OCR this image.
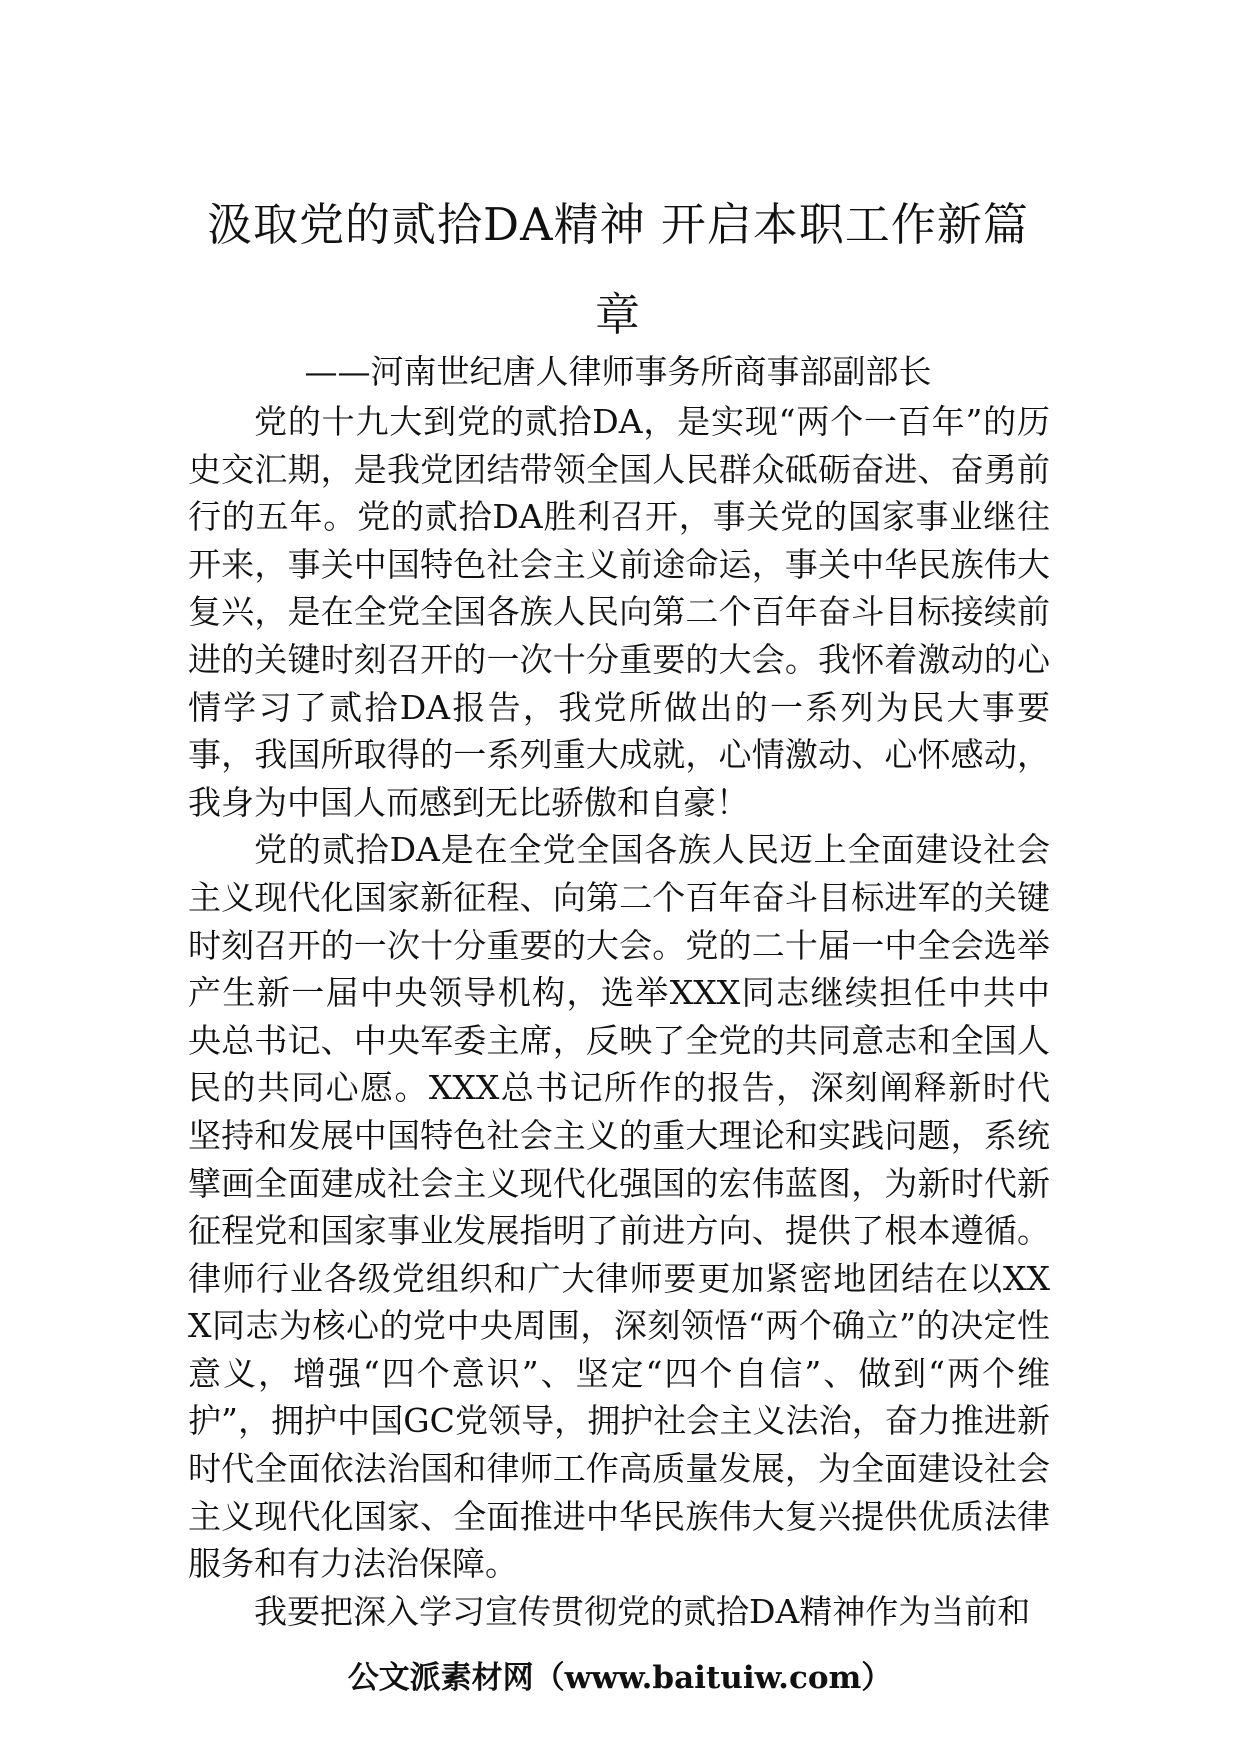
汲取党的贰拾DA精神 开启本职工作新篇章

——河南世纪唐人律师事务所商事部副部长

党的十九大到党的贰拾DA，是实现“两个一百年”的历史交汇期，是我党团结带领全国人民群众砥砺奋进、奋勇前行的五年。党的贰拾DA胜利召开，事关党的国家事业继往开来，事关中国特色社会主义前途命运，事关中华民族伟大复兴，是在全党全国各族人民向第二个百年奋斗目标接续前进的关键时刻召开的一次十分重要的大会。我怀着激动的心情学习了贰拾DA报告，我党所做出的一系列为民大事要事，我国所取得的一系列重大成就，心情激动、心怀感动，我身为中国人而感到无比骄傲和自豪！

党的贰拾DA是在全党全国各族人民迈上全面建设社会主义现代化国家新征程、向第二个百年奋斗目标进军的关键时刻召开的一次十分重要的大会。党的二十届一中全会选举产生新一届中央领导机构，选举XXX同志继续担任中共中央总书记、中央军委主席，反映了全党的共同意志和全国人民的共同心愿。XXX总书记所作的报告，深刻阐释新时代坚持和发展中国特色社会主义的重大理论和实践问题，系统擘画全面建成社会主义现代化强国的宏伟蓝图，为新时代新征程党和国家事业发展指明了前进方向、提供了根本遵循。律师行业各级党组织和广大律师要更加紧密地团结在以XXX同志为核心的党中央周围，深刻领悟“两个确立”的决定性意义，增强“四个意识”、坚定“四个自信”、做到“两个维护”，拥护中国GC党领导，拥护社会主义法治，奋力推进新时代全面依法治国和律师工作高质量发展，为全面建设社会主义现代化国家、全面推进中华民族伟大复兴提供优质法律服务和有力法治保障。

我要把深入学习宣传贯彻党的贰拾DA精神作为当前和

公文派素材网（www.baituiw.com）
